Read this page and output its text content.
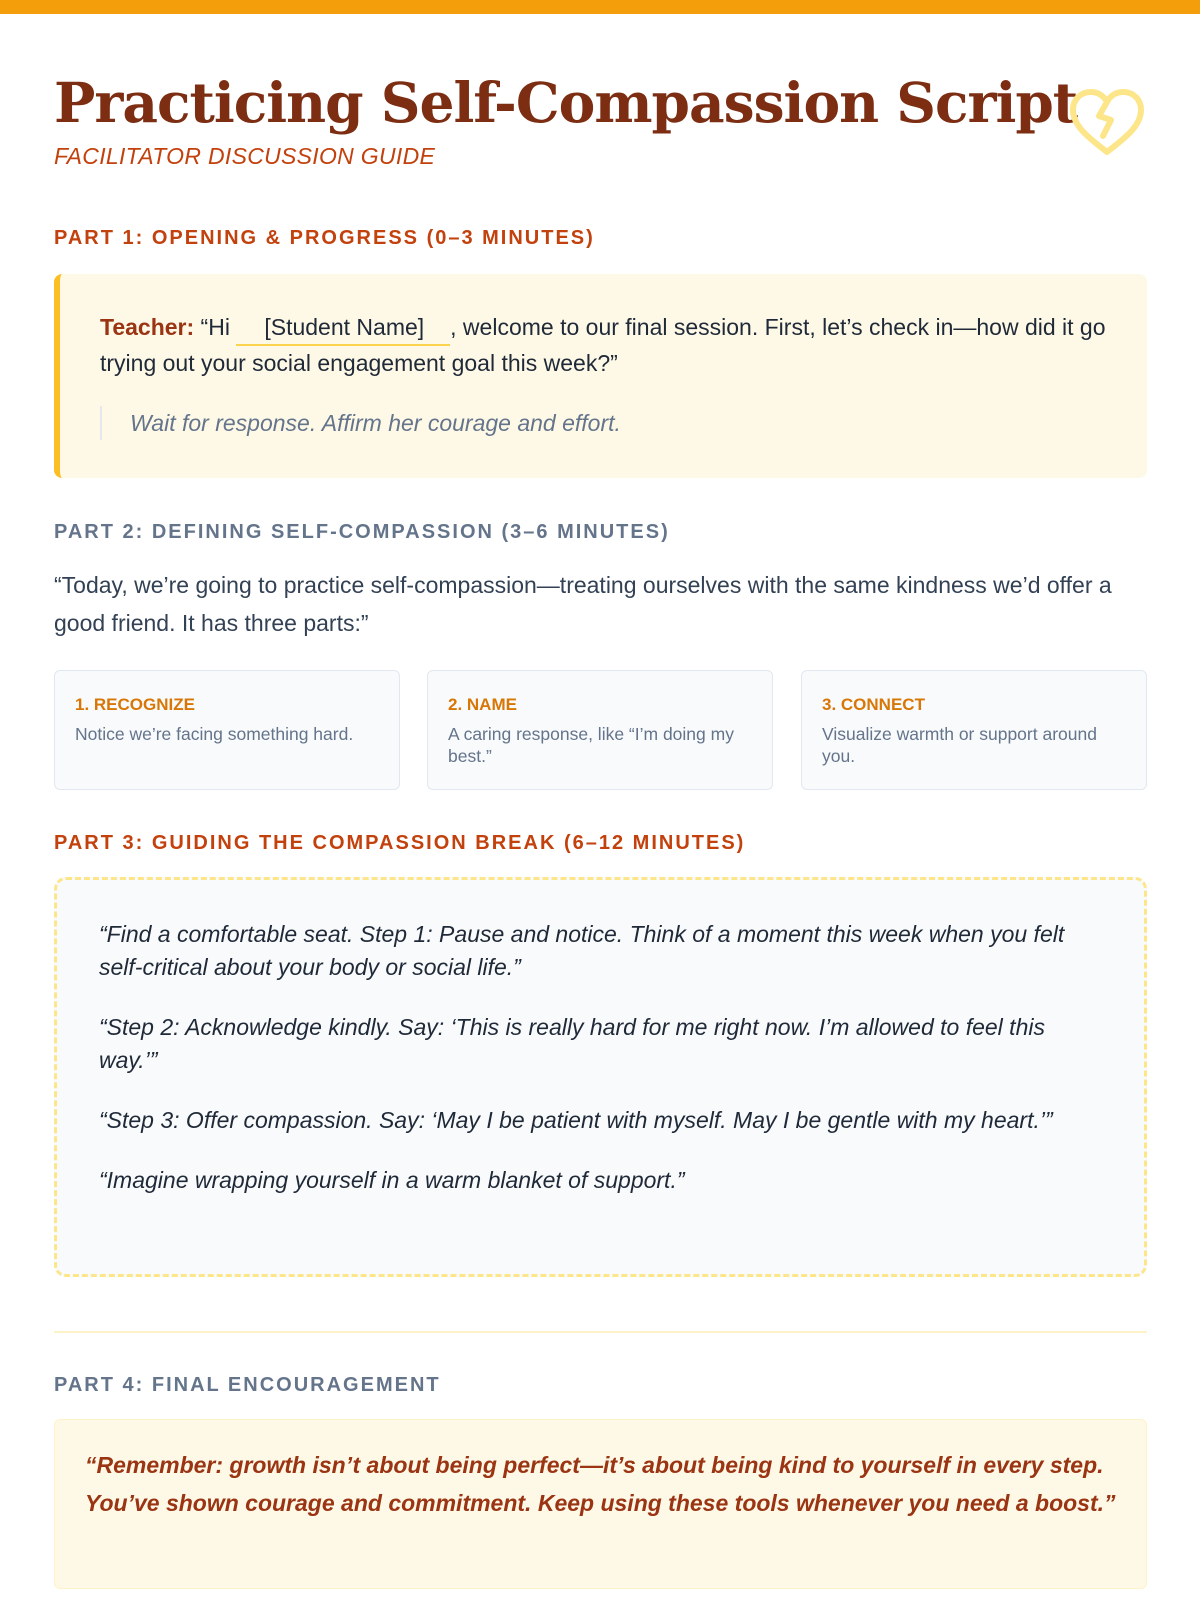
Practicing Self-Compassion Script
FACILITATOR DISCUSSION GUIDE
PART 1: OPENING & PROGRESS (0–3 MINUTES)

Teacher: “Hi [Student Name] , welcome to our final session. First, let’s check in—how did it go trying out your social engagement goal this week?”

Wait for response. Affirm her courage and effort.

PART 2: DEFINING SELF-COMPASSION (3–6 MINUTES)

“Today, we’re going to practice self-compassion—treating ourselves with the same kindness we’d offer a good friend. It has three parts:”

1. RECOGNIZE
Notice we’re facing something hard.
2. NAME
A caring response, like “I’m doing my best.”
3. CONNECT
Visualize warmth or support around you.
PART 3: GUIDING THE COMPASSION BREAK (6–12 MINUTES)

“Find a comfortable seat. Step 1: Pause and notice. Think of a moment this week when you felt self-critical about your body or social life.”

“Step 2: Acknowledge kindly. Say: ‘This is really hard for me right now. I’m allowed to feel this way.’”

“Step 3: Offer compassion. Say: ‘May I be patient with myself. May I be gentle with my heart.’”

“Imagine wrapping yourself in a warm blanket of support.”

PART 4: FINAL ENCOURAGEMENT

“Remember: growth isn’t about being perfect—it’s about being kind to yourself in every step. You’ve shown courage and commitment. Keep using these tools whenever you need a boost.”
